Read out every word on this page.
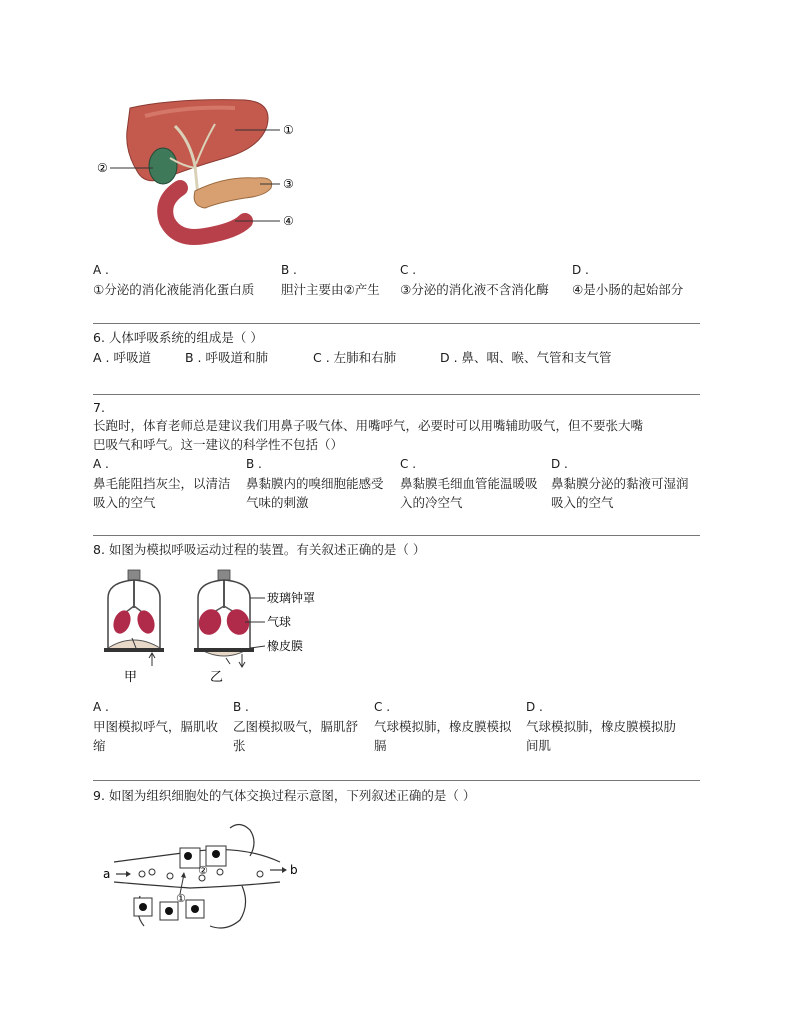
①
②
③
④
A .
①分泌的消化液能消化蛋白质
B .
胆汁主要由②产生
C .
③分泌的消化液不含消化酶
D .
④是小肠的起始部分
6. 人体呼吸系统的组成是（ ）
A . 呼吸道	B . 呼吸道和肺	C . 左肺和右肺	D . 鼻、咽、喉、气管和支气管
7.
长跑时，体育老师总是建议我们用鼻子吸气体、用嘴呼气，必要时可以用嘴辅助吸气，但不要张大嘴
巴吸气和呼气。这一建议的科学性不包括（）
A .
鼻毛能阻挡灰尘，以清洁
吸入的空气
B .
鼻黏膜内的嗅细胞能感受
气味的刺激
C .
鼻黏膜毛细血管能温暖吸
入的冷空气
D .
鼻黏膜分泌的黏液可湿润
吸入的空气
8. 如图为模拟呼吸运动过程的装置。有关叙述正确的是（ ）
玻璃钟罩
气球
橡皮膜
甲	乙
A .
甲图模拟呼气，膈肌收
缩
B .
乙图模拟吸气，膈肌舒
张
C .
气球模拟肺，橡皮膜模拟
膈
D .
气球模拟肺，橡皮膜模拟肋
间肌
9. 如图为组织细胞处的气体交换过程示意图，下列叙述正确的是（ ）
a	b
①
②
